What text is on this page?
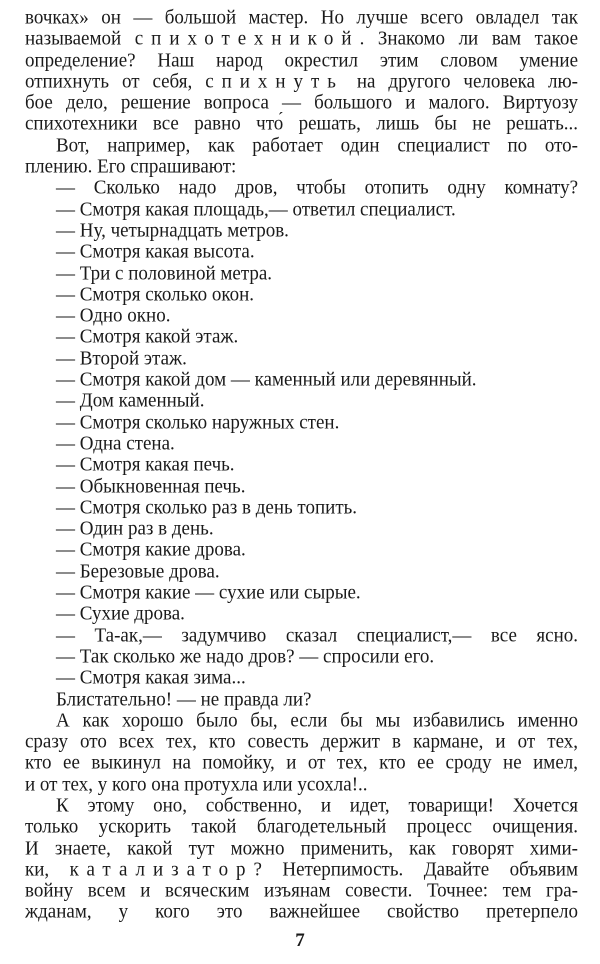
вочках» он — большой мастер. Но лучше всего овладел так
называемой спихотехникой. Знакомо ли вам такое
определение? Наш народ окрестил этим словом умение
отпихнуть от себя, спихнуть на другого человека лю-
бое дело, решение вопроса — большого и малого. Виртуозу
спихотехники все равно что́ решать, лишь бы не решать...
Вот, например, как работает один специалист по ото-
плению. Его спрашивают:
— Сколько надо дров, чтобы отопить одну комнату?
— Смотря какая площадь,— ответил специалист.
— Ну, четырнадцать метров.
— Смотря какая высота.
— Три с половиной метра.
— Смотря сколько окон.
— Одно окно.
— Смотря какой этаж.
— Второй этаж.
— Смотря какой дом — каменный или деревянный.
— Дом каменный.
— Смотря сколько наружных стен.
— Одна стена.
— Смотря какая печь.
— Обыкновенная печь.
— Смотря сколько раз в день топить.
— Один раз в день.
— Смотря какие дрова.
— Березовые дрова.
— Смотря какие — сухие или сырые.
— Сухие дрова.
— Та-ак,— задумчиво сказал специалист,— все ясно.
— Так сколько же надо дров? — спросили его.
— Смотря какая зима...
Блистательно! — не правда ли?
А как хорошо было бы, если бы мы избавились именно
сразу ото всех тех, кто совесть держит в кармане, и от тех,
кто ее выкинул на помойку, и от тех, кто ее сроду не имел,
и от тех, у кого она протухла или усохла!..
К этому оно, собственно, и идет, товарищи! Хочется
только ускорить такой благодетельный процесс очищения.
И знаете, какой тут можно применить, как говорят хими-
ки, катализатор? Нетерпимость. Давайте объявим
войну всем и всяческим изъянам совести. Точнее: тем гра-
жданам, у кого это важнейшее свойство претерпело
7
